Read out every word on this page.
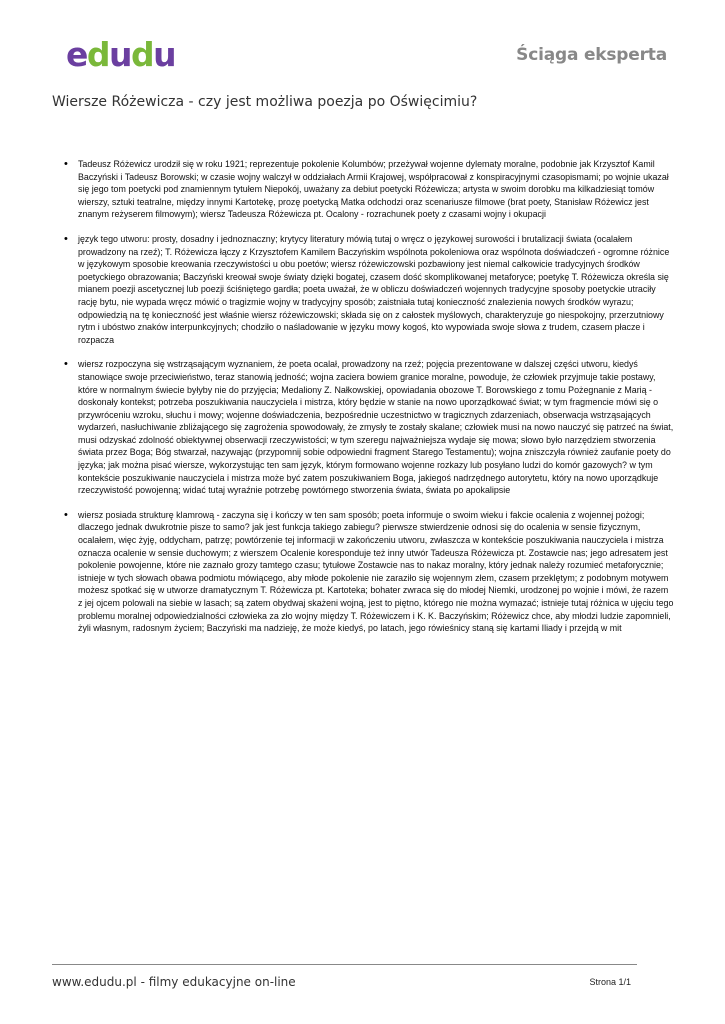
edudu	Ściąga eksperta
Wiersze Różewicza - czy jest możliwa poezja po Oświęcimiu?
• Tadeusz Różewicz urodził się w roku 1921; reprezentuje pokolenie Kolumbów; przeżywał wojenne dylematy moralne, podobnie jak Krzysztof Kamil Baczyński i Tadeusz Borowski; w czasie wojny walczył w oddziałach Armii Krajowej, współpracował z konspiracyjnymi czasopismami; po wojnie ukazał się jego tom poetycki pod znamiennym tytułem Niepokój, uważany za debiut poetycki Różewicza; artysta w swoim dorobku ma kilkadziesiąt tomów wierszy, sztuki teatralne, między innymi Kartotekę, prozę poetycką Matka odchodzi oraz scenariusze filmowe (brat poety, Stanisław Różewicz jest znanym reżyserem filmowym); wiersz Tadeusza Różewicza pt. Ocalony - rozrachunek poety z czasami wojny i okupacji
• język tego utworu: prosty, dosadny i jednoznaczny; krytycy literatury mówią tutaj o wręcz o językowej surowości i brutalizacji świata (ocalałem prowadzony na rzeź); T. Różewicza łączy z Krzysztofem Kamilem Baczyńskim wspólnota pokoleniowa oraz wspólnota doświadczeń - ogromne różnice w językowym sposobie kreowania rzeczywistości u obu poetów; wiersz różewiczowski pozbawiony jest niemal całkowicie tradycyjnych środków poetyckiego obrazowania; Baczyński kreował swoje światy dzięki bogatej, czasem dość skomplikowanej metaforyce; poetykę T. Różewicza określa się mianem poezji ascetycznej lub poezji ściśniętego gardła; poeta uważał, że w obliczu doświadczeń wojennych tradycyjne sposoby poetyckie utraciły rację bytu, nie wypada wręcz mówić o tragizmie wojny w tradycyjny sposób; zaistniała tutaj konieczność znalezienia nowych środków wyrazu; odpowiedzią na tę konieczność jest właśnie wiersz różewiczowski; składa się on z całostek myślowych, charakteryzuje go niespokojny, przerzutniowy rytm i ubóstwo znaków interpunkcyjnych; chodziło o naśladowanie w języku mowy kogoś, kto wypowiada swoje słowa z trudem, czasem płacze i rozpacza
• wiersz rozpoczyna się wstrząsającym wyznaniem, że poeta ocalał, prowadzony na rzeź; pojęcia prezentowane w dalszej części utworu, kiedyś stanowiące swoje przeciwieństwo, teraz stanowią jedność; wojna zaciera bowiem granice moralne, powoduje, że człowiek przyjmuje takie postawy, które w normalnym świecie byłyby nie do przyjęcia; Medaliony Z. Nałkowskiej, opowiadania obozowe T. Borowskiego z tomu Pożegnanie z Marią - doskonały kontekst; potrzeba poszukiwania nauczyciela i mistrza, który będzie w stanie na nowo uporządkować świat; w tym fragmencie mówi się o przywróceniu wzroku, słuchu i mowy; wojenne doświadczenia, bezpośrednie uczestnictwo w tragicznych zdarzeniach, obserwacja wstrząsających wydarzeń, nasłuchiwanie zbliżającego się zagrożenia spowodowały, że zmysły te zostały skalane; człowiek musi na nowo nauczyć się patrzeć na świat, musi odzyskać zdolność obiektywnej obserwacji rzeczywistości; w tym szeregu najważniejsza wydaje się mowa; słowo było narzędziem stworzenia świata przez Boga; Bóg stwarzał, nazywając (przypomnij sobie odpowiedni fragment Starego Testamentu); wojna zniszczyła również zaufanie poety do języka; jak można pisać wiersze, wykorzystując ten sam język, którym formowano wojenne rozkazy lub posyłano ludzi do komór gazowych? w tym kontekście poszukiwanie nauczyciela i mistrza może być zatem poszukiwaniem Boga, jakiegoś nadrzędnego autorytetu, który na nowo uporządkuje rzeczywistość powojenną; widać tutaj wyraźnie potrzebę powtórnego stworzenia świata, świata po apokalipsie
• wiersz posiada strukturę klamrową - zaczyna się i kończy w ten sam sposób; poeta informuje o swoim wieku i fakcie ocalenia z wojennej pożogi; dlaczego jednak dwukrotnie pisze to samo? jak jest funkcja takiego zabiegu? pierwsze stwierdzenie odnosi się do ocalenia w sensie fizycznym, ocalałem, więc żyję, oddycham, patrzę; powtórzenie tej informacji w zakończeniu utworu, zwłaszcza w kontekście poszukiwania nauczyciela i mistrza oznacza ocalenie w sensie duchowym; z wierszem Ocalenie koresponduje też inny utwór Tadeusza Różewicza pt. Zostawcie nas; jego adresatem jest pokolenie powojenne, które nie zaznało grozy tamtego czasu; tytułowe Zostawcie nas to nakaz moralny, który jednak należy rozumieć metaforycznie; istnieje w tych słowach obawa podmiotu mówiącego, aby młode pokolenie nie zaraziło się wojennym złem, czasem przeklętym; z podobnym motywem możesz spotkać się w utworze dramatycznym T. Różewicza pt. Kartoteka; bohater zwraca się do młodej Niemki, urodzonej po wojnie i mówi, że razem z jej ojcem polowali na siebie w lasach; są zatem obydwaj skażeni wojną, jest to piętno, którego nie można wymazać; istnieje tutaj różnica w ujęciu tego problemu moralnej odpowiedzialności człowieka za zło wojny między T. Różewiczem i K. K. Baczyńskim; Różewicz chce, aby młodzi ludzie zapomnieli, żyli własnym, radosnym życiem; Baczyński ma nadzieję, że może kiedyś, po latach, jego rówieśnicy staną się kartami Iliady i przejdą w mit
www.edudu.pl - filmy edukacyjne on-line	Strona 1/1
